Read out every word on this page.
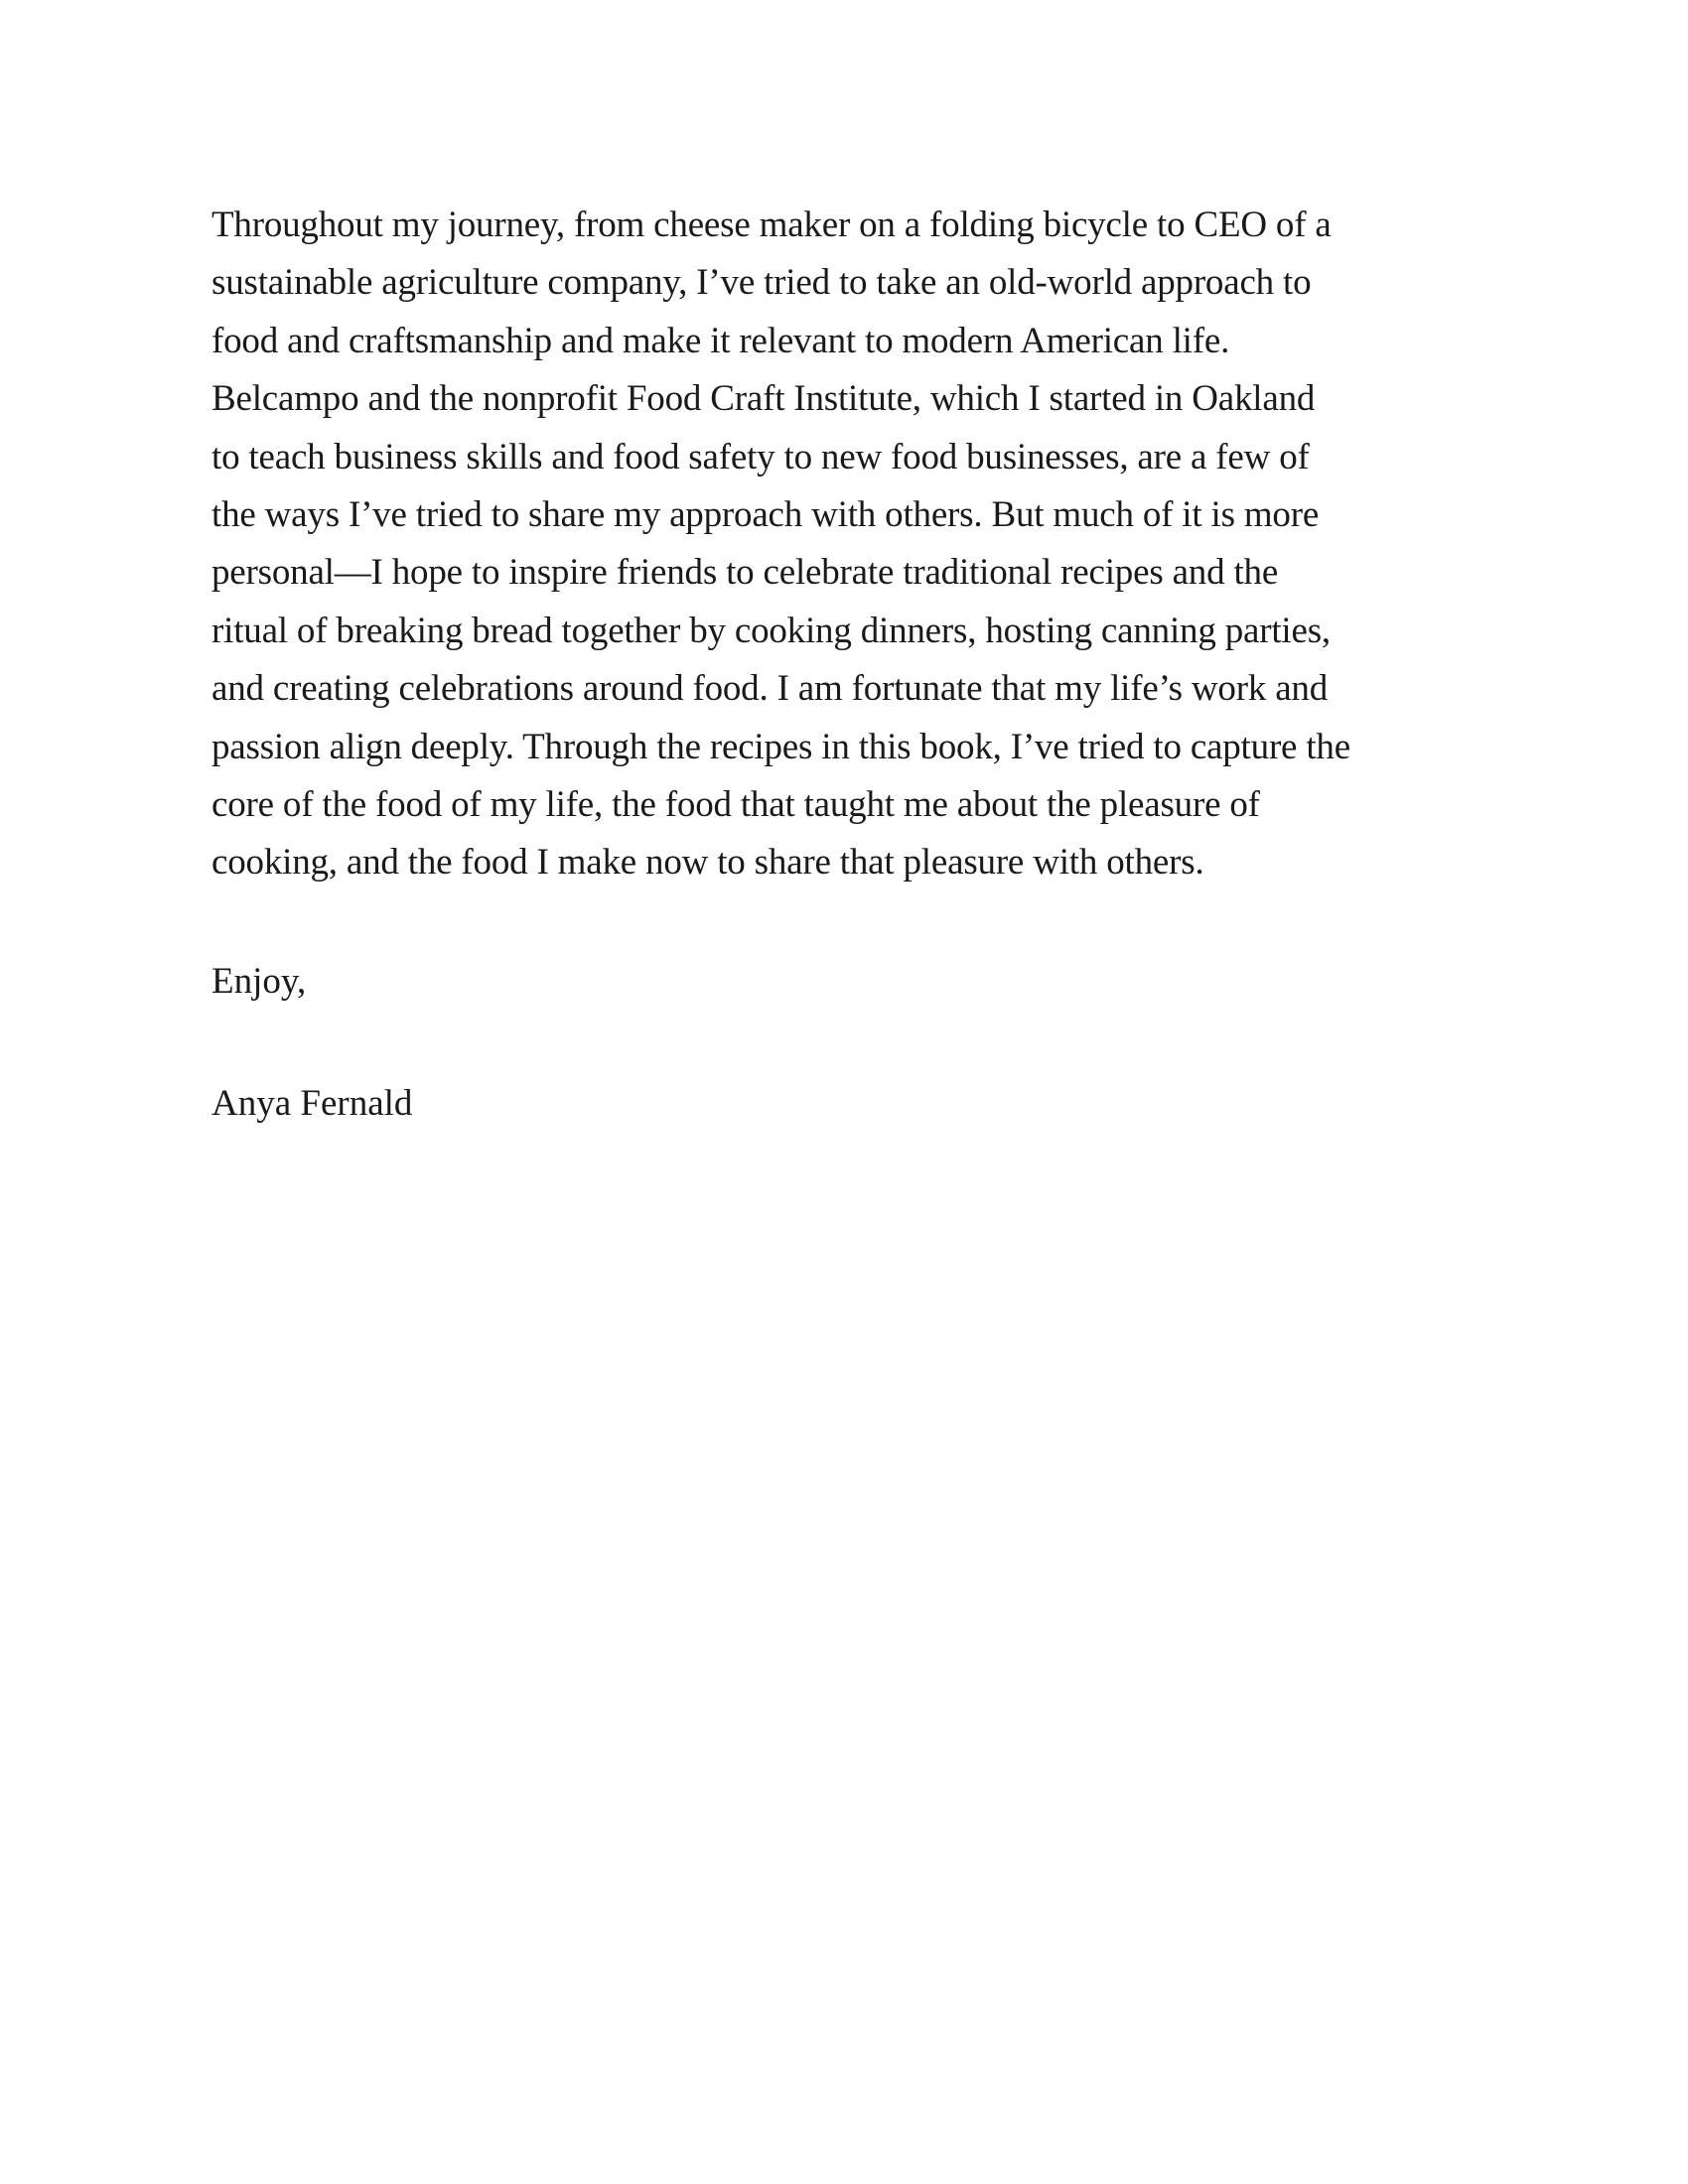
Throughout my journey, from cheese maker on a folding bicycle to CEO of a
sustainable agriculture company, I’ve tried to take an old-world approach to
food and craftsmanship and make it relevant to modern American life.
Belcampo and the nonprofit Food Craft Institute, which I started in Oakland
to teach business skills and food safety to new food businesses, are a few of
the ways I’ve tried to share my approach with others. But much of it is more
personal—I hope to inspire friends to celebrate traditional recipes and the
ritual of breaking bread together by cooking dinners, hosting canning parties,
and creating celebrations around food. I am fortunate that my life’s work and
passion align deeply. Through the recipes in this book, I’ve tried to capture the
core of the food of my life, the food that taught me about the pleasure of
cooking, and the food I make now to share that pleasure with others.
Enjoy,
Anya Fernald
